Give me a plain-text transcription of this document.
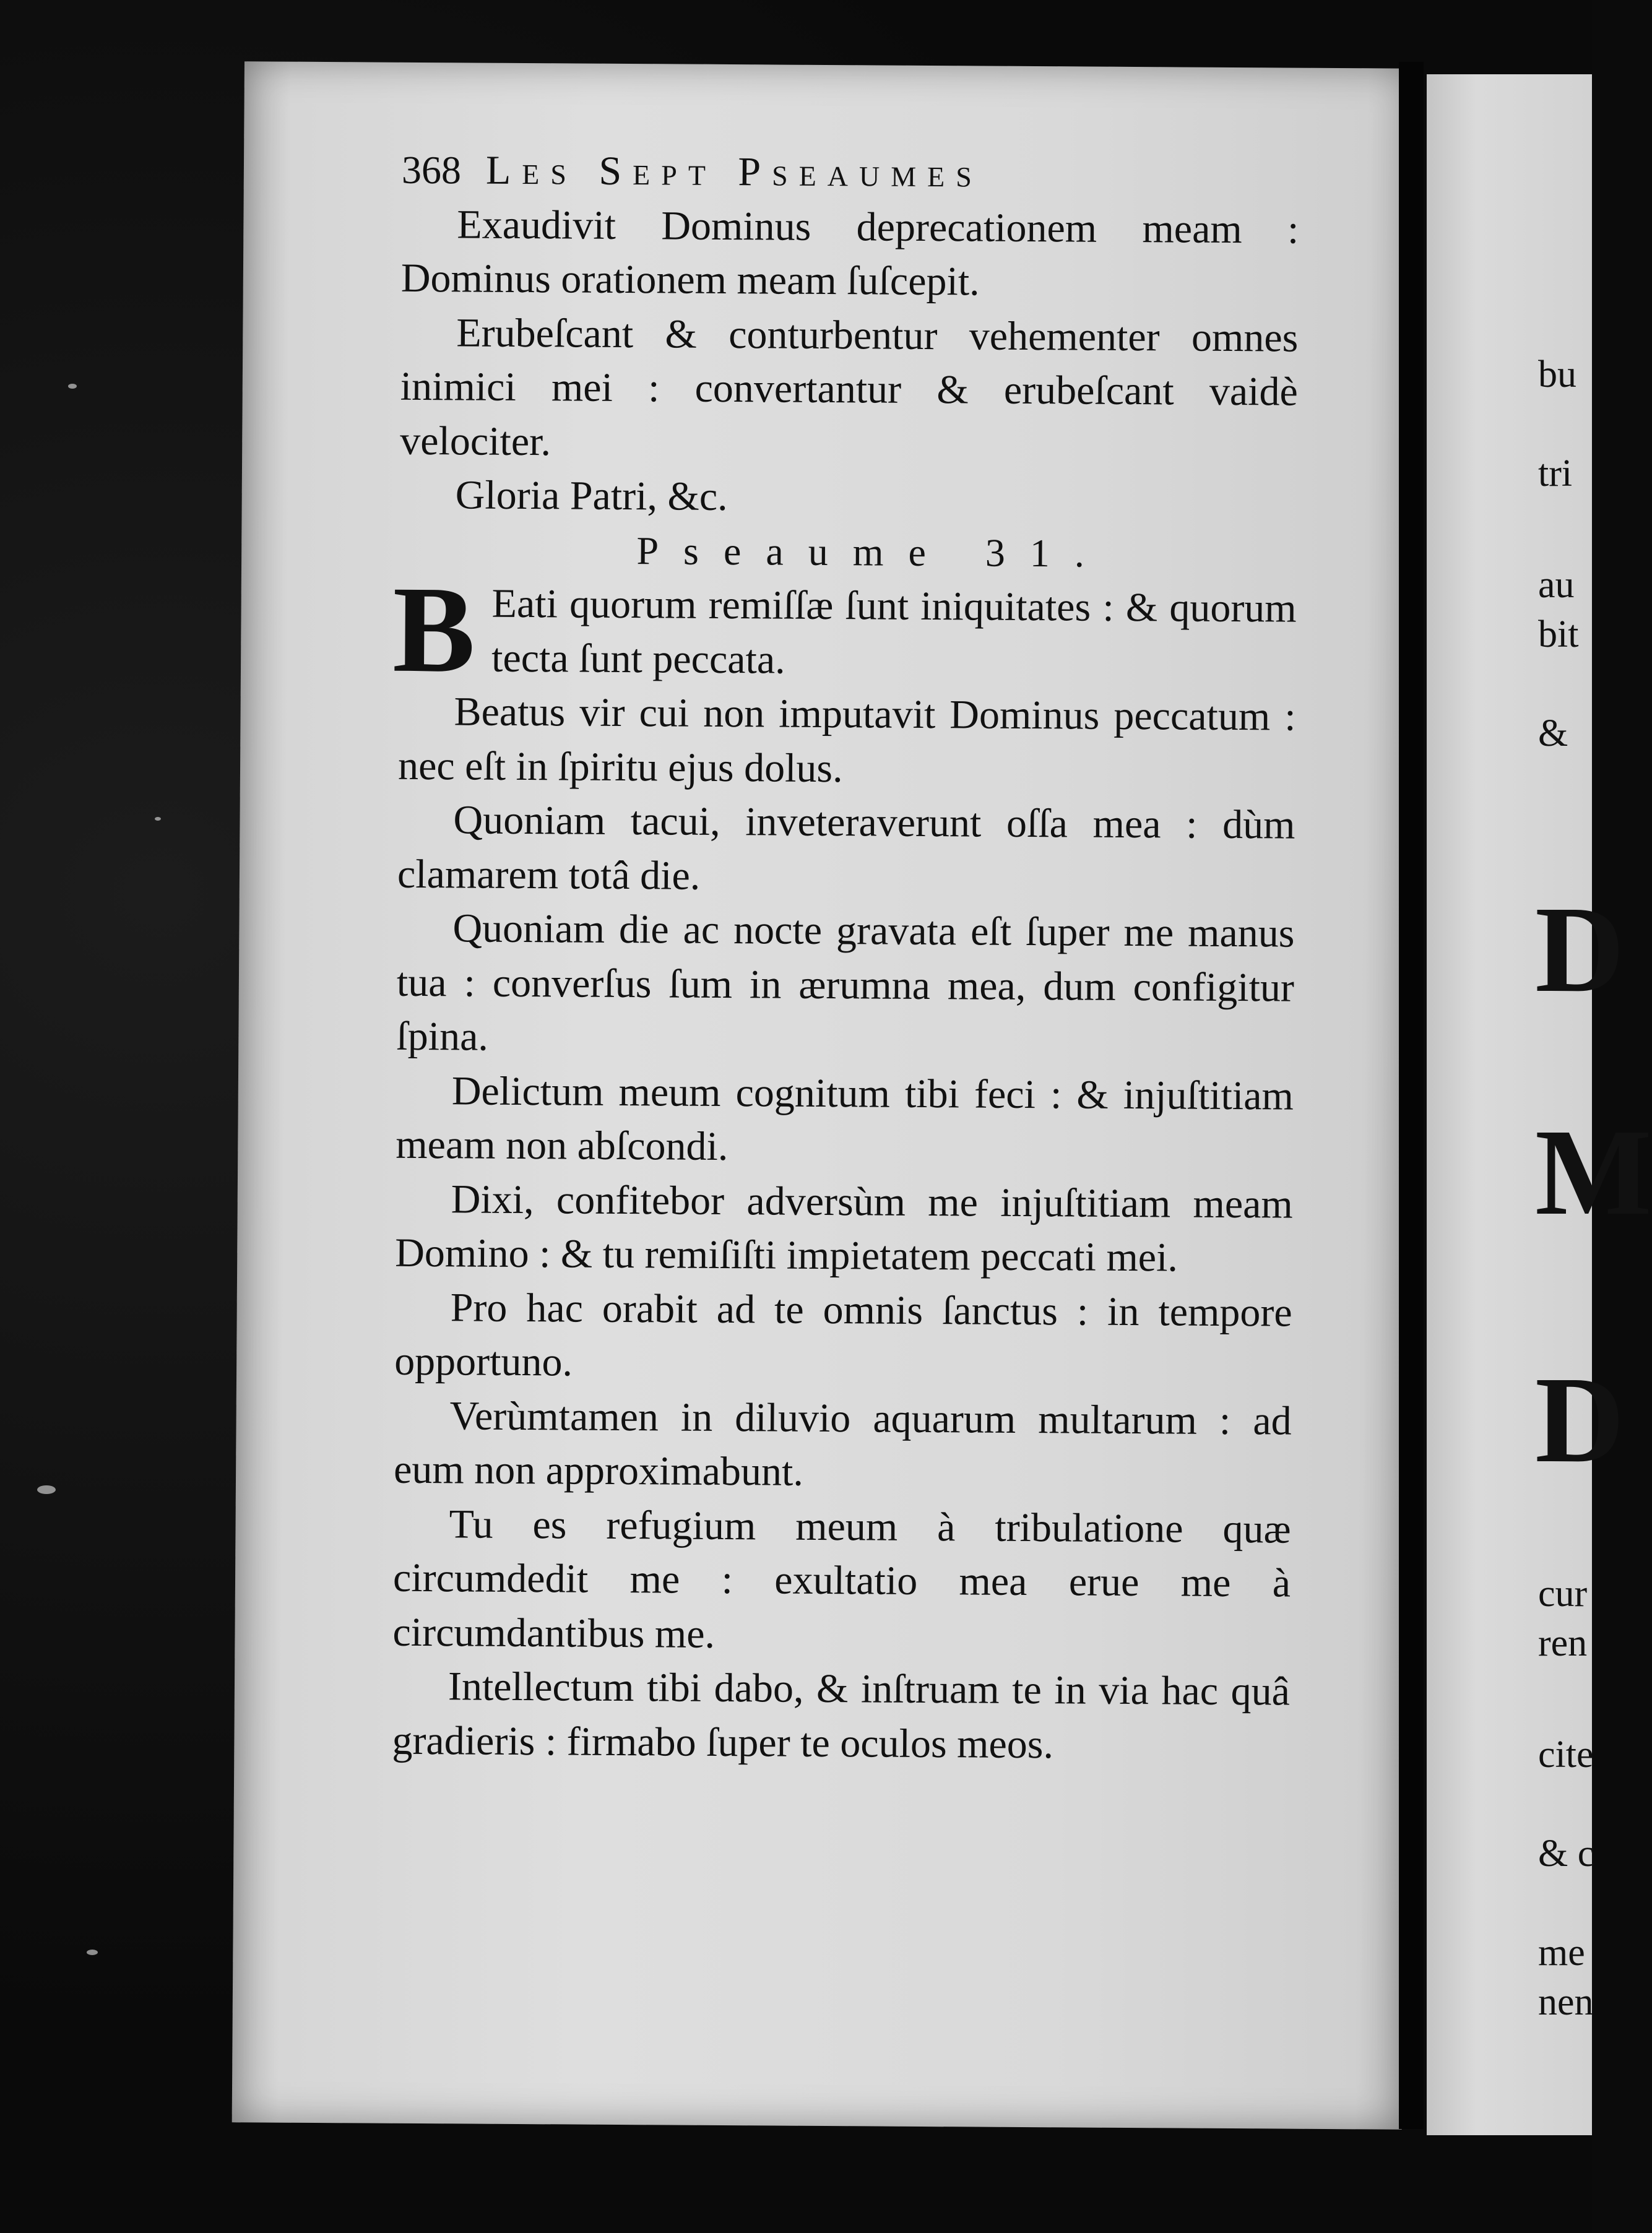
368 Les Sept Pseaumes

Exaudivit Dominus deprecationem meam : Dominus orationem meam ſuſcepit.

Erubeſcant & conturbentur vehementer omnes inimici mei : convertantur & erubeſcant vaidè velociter.

Gloria Patri, &c.

Pseaume 31.

B Eati quorum remiſſæ ſunt iniquitates : & quorum tecta ſunt peccata.

Beatus vir cui non imputavit Dominus peccatum : nec eſt in ſpiritu ejus dolus.

Quoniam tacui, inveteraverunt oſſa mea : dùm clamarem totâ die.

Quoniam die ac nocte gravata eſt ſuper me manus tua : converſus ſum in ærumna mea, dum configitur ſpina.

Delictum meum cognitum tibi feci : & injuſtitiam meam non abſcondi.

Dixi, confitebor adversùm me injuſtitiam meam Domino : & tu remiſiſti impietatem peccati mei.

Pro hac orabit ad te omnis ſanctus : in tempore opportuno.

Verùmtamen in diluvio aquarum multarum : ad eum non approximabunt.

Tu es refugium meum à tribulatione quæ circumdedit me : exultatio mea erue me à circumdantibus me.

Intellectum tibi dabo, & inſtruam te in via hac quâ gradieris : firmabo ſuper te oculos meos.

bu
tri
au
bit
&
D
M
D
cur
ren
cite
& c
me
nen
